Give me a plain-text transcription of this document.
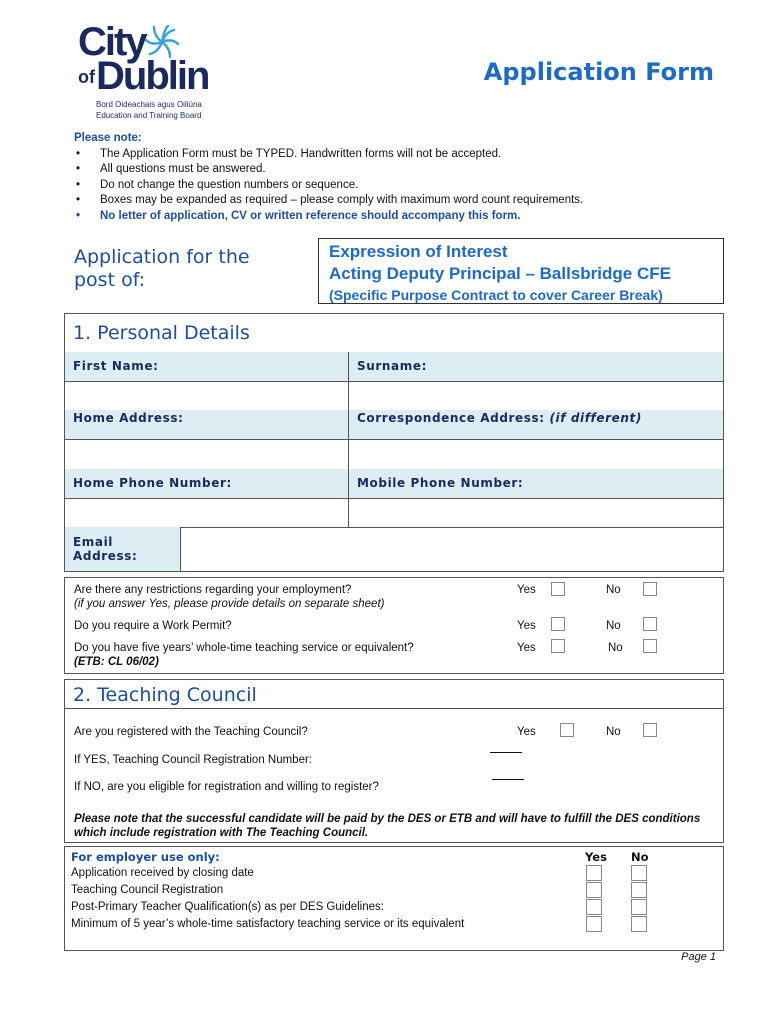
City
of Dublin
Bord Oideachais agus Oiliúna
Education and Training Board
Application Form
Please note:
• The Application Form must be TYPED. Handwritten forms will not be accepted.
• All questions must be answered.
• Do not change the question numbers or sequence.
• Boxes may be expanded as required – please comply with maximum word count requirements.
• No letter of application, CV or written reference should accompany this form.
Application for the post of:
Expression of Interest
Acting Deputy Principal – Ballsbridge CFE
(Specific Purpose Contract to cover Career Break)
1. Personal Details
First Name:	Surname:
Home Address:	Correspondence Address: (if different)
Home Phone Number:	Mobile Phone Number:
Email
Address:
Are there any restrictions regarding your employment?
(if you answer Yes, please provide details on separate sheet)
Yes	No
Do you require a Work Permit?	Yes	No
Do you have five years’ whole-time teaching service or equivalent?
(ETB: CL 06/02)
Yes	No
2. Teaching Council
Are you registered with the Teaching Council?	Yes	No
If YES, Teaching Council Registration Number:
If NO, are you eligible for registration and willing to register?
Please note that the successful candidate will be paid by the DES or ETB and will have to fulfill the DES conditions which include registration with The Teaching Council.
For employer use only:	Yes No
Application received by closing date
Teaching Council Registration
Post-Primary Teacher Qualification(s) as per DES Guidelines:
Minimum of 5 year’s whole-time satisfactory teaching service or its equivalent
Page 1
